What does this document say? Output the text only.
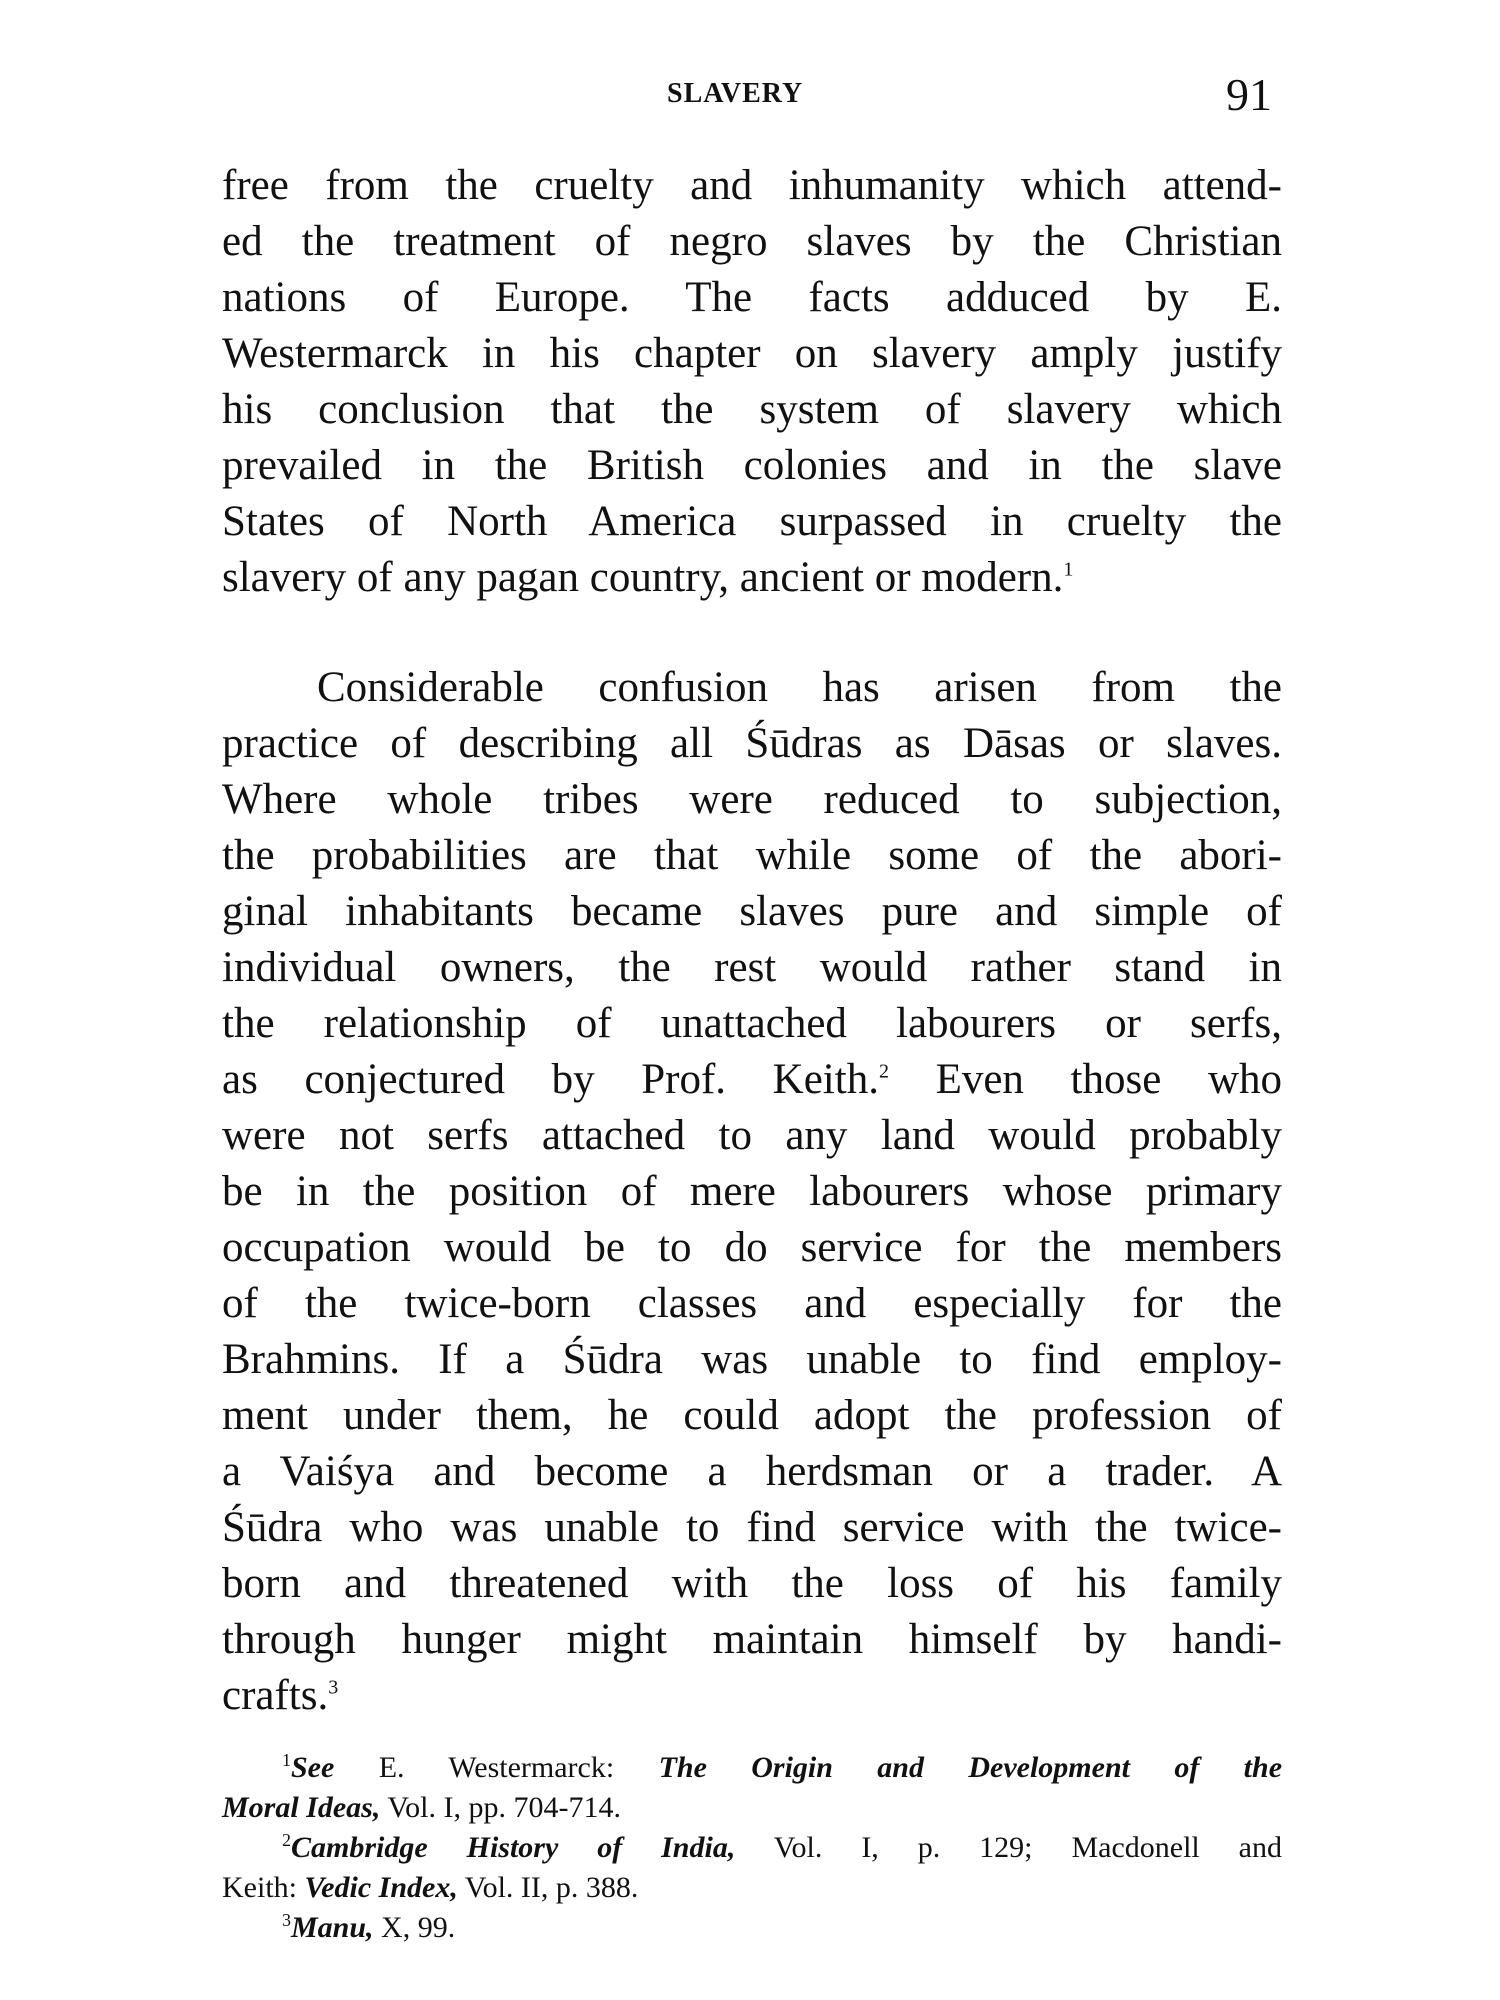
SLAVERY	91
free from the cruelty and inhumanity which attend-
ed the treatment of negro slaves by the Christian
nations of Europe. The facts adduced by E.
Westermarck in his chapter on slavery amply justify
his conclusion that the system of slavery which
prevailed in the British colonies and in the slave
States of North America surpassed in cruelty the
slavery of any pagan country, ancient or modern.$^1$
Considerable confusion has arisen from the
practice of describing all Śūdras as Dāsas or slaves.
Where whole tribes were reduced to subjection,
the probabilities are that while some of the abori-
ginal inhabitants became slaves pure and simple of
individual owners, the rest would rather stand in
the relationship of unattached labourers or serfs,
as conjectured by Prof. Keith.$^2$ Even those who
were not serfs attached to any land would probably
be in the position of mere labourers whose primary
occupation would be to do service for the members
of the twice-born classes and especially for the
Brahmins. If a Śūdra was unable to find employ-
ment under them, he could adopt the profession of
a Vaiśya and become a herdsman or a trader. A
Śūdra who was unable to find service with the twice-
born and threatened with the loss of his family
through hunger might maintain himself by handi-
crafts.$^3$
$^1$See E. Westermarck: The Origin and Development of the
Moral Ideas, Vol. I, pp. 704-714.
$^2$Cambridge History of India, Vol. I, p. 129; Macdonell and
Keith: Vedic Index, Vol. II, p. 388.
$^3$Manu, X, 99.
